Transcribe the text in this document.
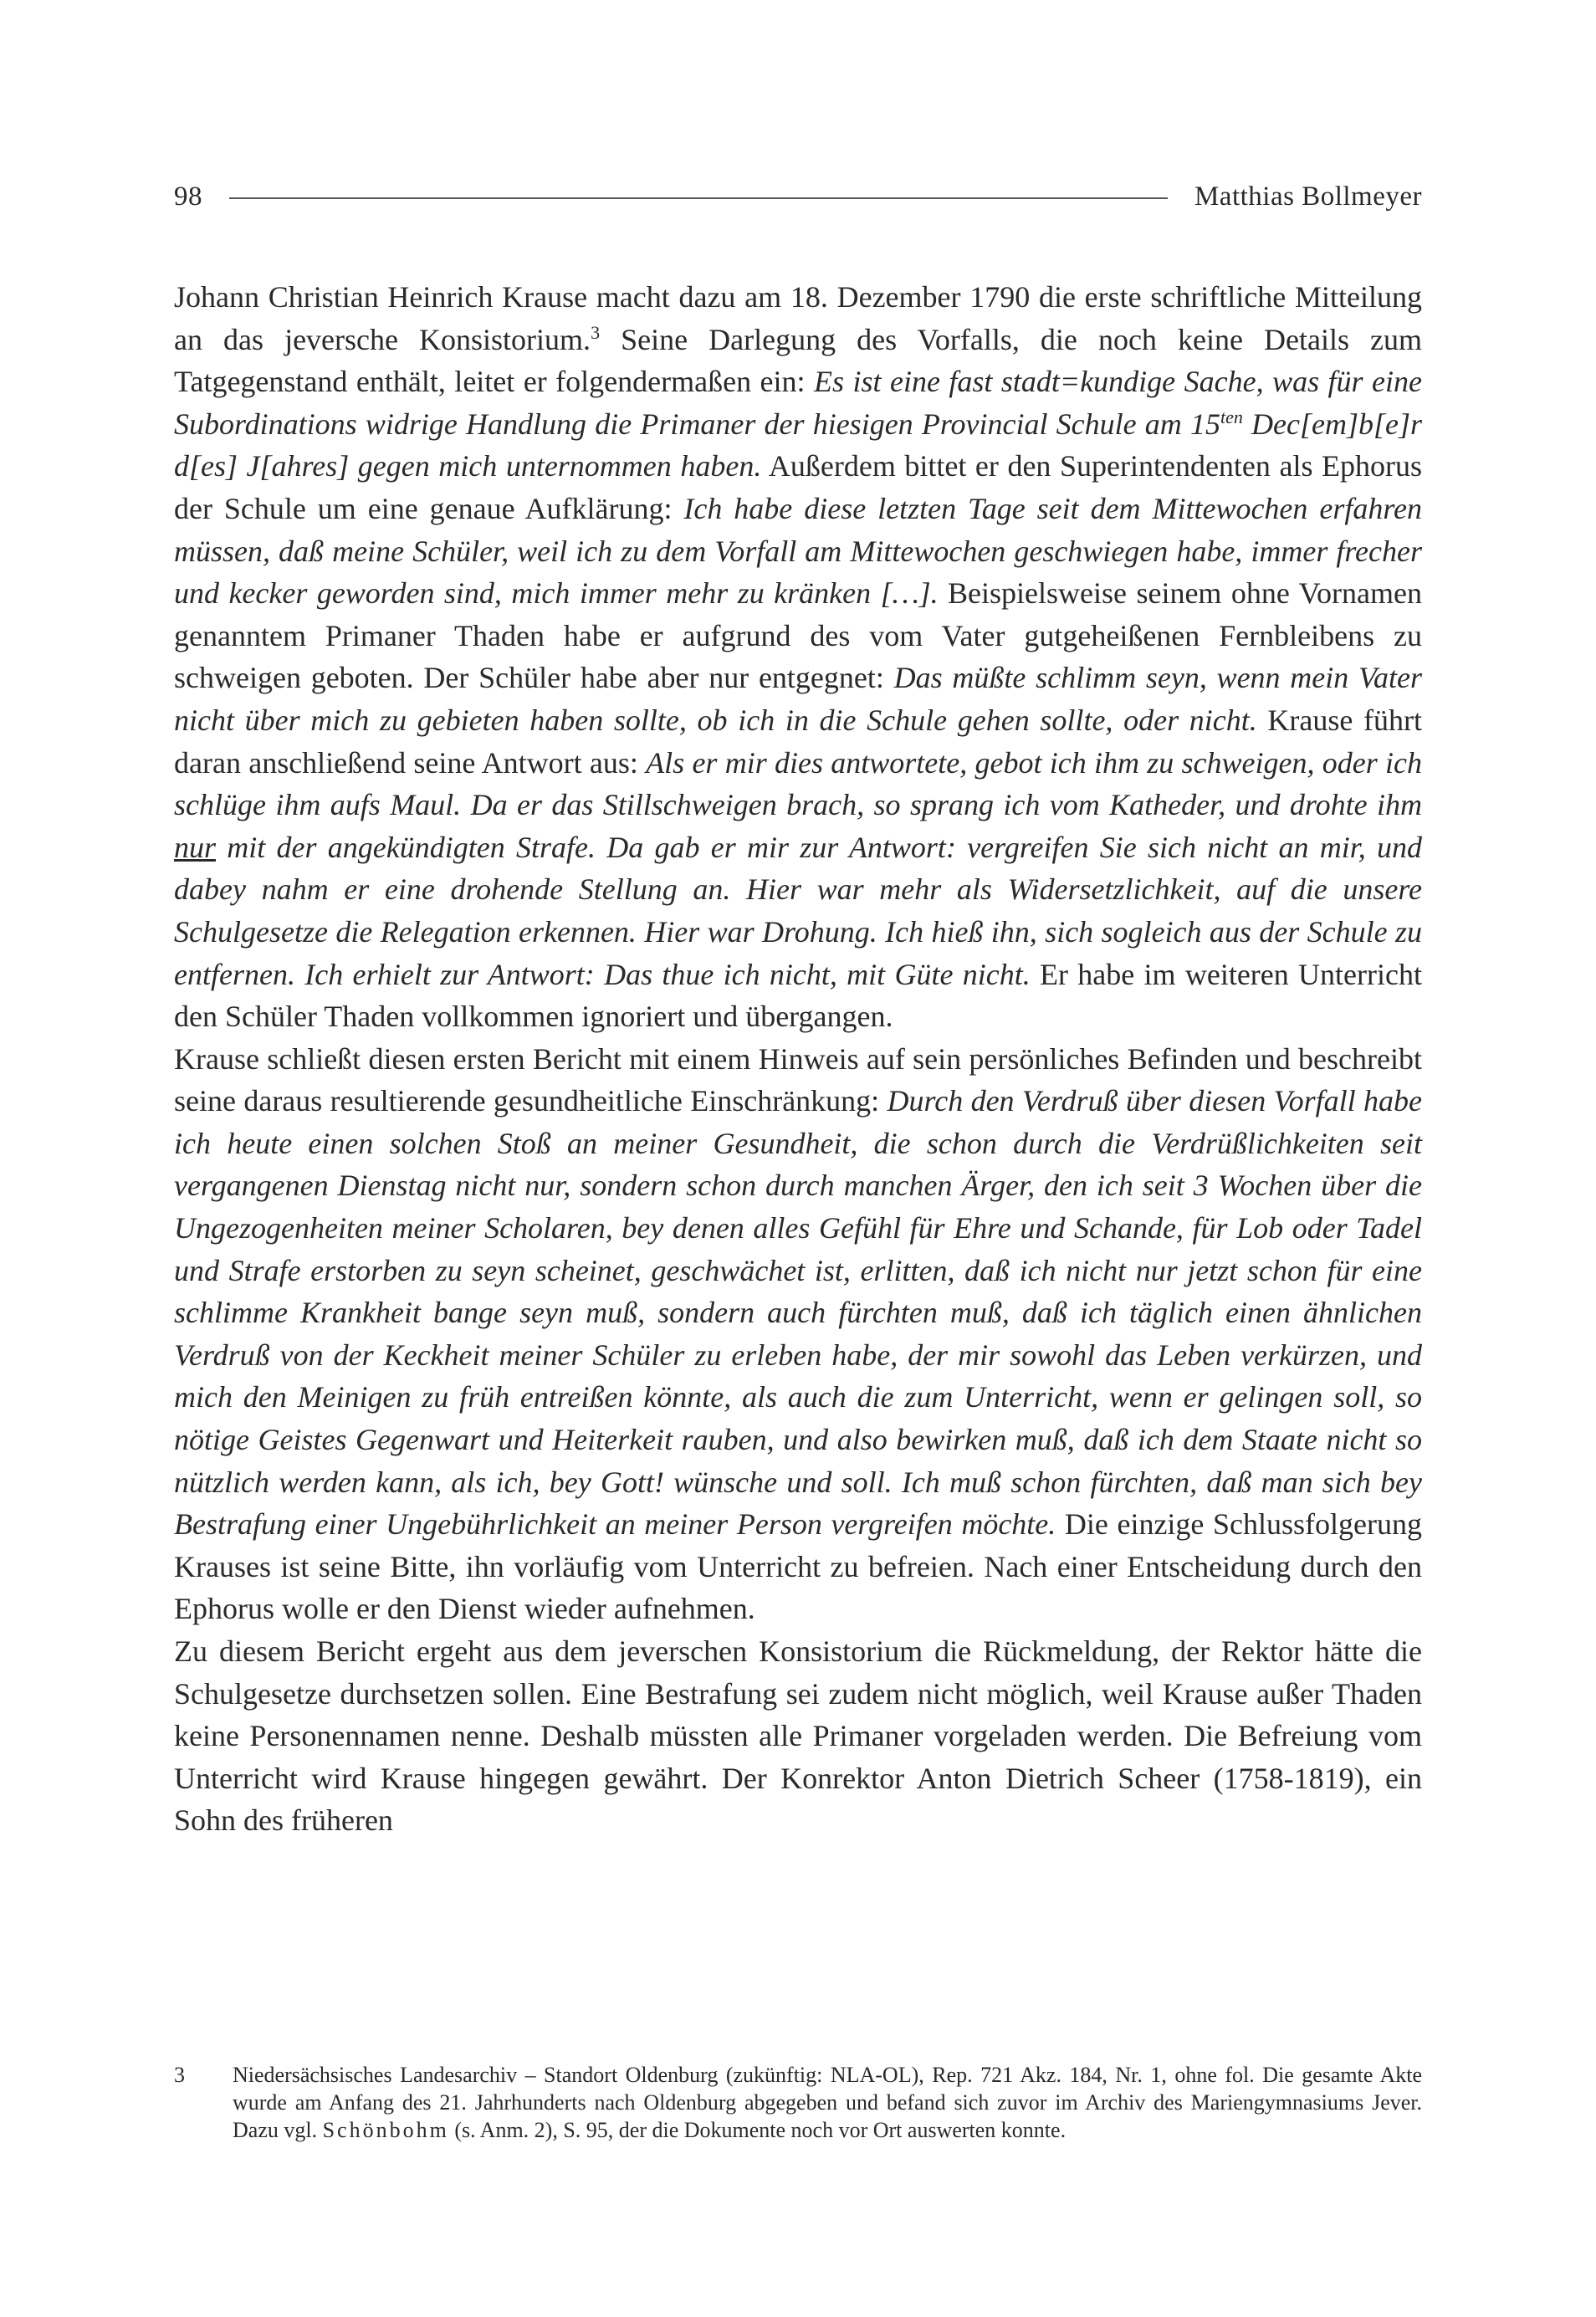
98	Matthias Bollmeyer

Johann Christian Heinrich Krause macht dazu am 18. Dezember 1790 die erste schriftliche Mitteilung an das jeversche Konsistorium.$^3$ Seine Darlegung des Vorfalls, die noch keine Details zum Tatgegenstand enthält, leitet er folgendermaßen ein: Es ist eine fast stadt=kundige Sache, was für eine Subordinations widrige Handlung die Primaner der hiesigen Provincial Schule am $15^{ten}$ Dec[em]b[e]r d[es] J[ahres] gegen mich unternommen haben. Außerdem bittet er den Superintendenten als Ephorus der Schule um eine genaue Aufklärung: Ich habe diese letzten Tage seit dem Mittewochen erfahren müssen, daß meine Schüler, weil ich zu dem Vorfall am Mittewochen geschwiegen habe, immer frecher und kecker geworden sind, mich immer mehr zu kränken […]. Beispielsweise seinem ohne Vornamen genanntem Primaner Thaden habe er aufgrund des vom Vater gutgeheißenen Fernbleibens zu schweigen geboten. Der Schüler habe aber nur entgegnet: Das müßte schlimm seyn, wenn mein Vater nicht über mich zu gebieten haben sollte, ob ich in die Schule gehen sollte, oder nicht. Krause führt daran anschließend seine Antwort aus: Als er mir dies antwortete, gebot ich ihm zu schweigen, oder ich schlüge ihm aufs Maul. Da er das Stillschweigen brach, so sprang ich vom Katheder, und drohte ihm nur mit der angekündigten Strafe. Da gab er mir zur Antwort: vergreifen Sie sich nicht an mir, und dabey nahm er eine drohende Stellung an. Hier war mehr als Widersetzlichkeit, auf die unsere Schulgesetze die Relegation erkennen. Hier war Drohung. Ich hieß ihn, sich sogleich aus der Schule zu entfernen. Ich erhielt zur Antwort: Das thue ich nicht, mit Güte nicht. Er habe im weiteren Unterricht den Schüler Thaden vollkommen ignoriert und übergangen.

Krause schließt diesen ersten Bericht mit einem Hinweis auf sein persönliches Befinden und beschreibt seine daraus resultierende gesundheitliche Einschränkung: Durch den Verdruß über diesen Vorfall habe ich heute einen solchen Stoß an meiner Gesundheit, die schon durch die Verdrüßlichkeiten seit vergangenen Dienstag nicht nur, sondern schon durch manchen Ärger, den ich seit 3 Wochen über die Ungezogenheiten meiner Scholaren, bey denen alles Gefühl für Ehre und Schande, für Lob oder Tadel und Strafe erstorben zu seyn scheinet, geschwächet ist, erlitten, daß ich nicht nur jetzt schon für eine schlimme Krankheit bange seyn muß, sondern auch fürchten muß, daß ich täglich einen ähnlichen Verdruß von der Keckheit meiner Schüler zu erleben habe, der mir sowohl das Leben verkürzen, und mich den Meinigen zu früh entreißen könnte, als auch die zum Unterricht, wenn er gelingen soll, so nötige Geistes Gegenwart und Heiterkeit rauben, und also bewirken muß, daß ich dem Staate nicht so nützlich werden kann, als ich, bey Gott! wünsche und soll. Ich muß schon fürchten, daß man sich bey Bestrafung einer Ungebührlichkeit an meiner Person vergreifen möchte. Die einzige Schlussfolgerung Krauses ist seine Bitte, ihn vorläufig vom Unterricht zu befreien. Nach einer Entscheidung durch den Ephorus wolle er den Dienst wieder aufnehmen.

Zu diesem Bericht ergeht aus dem jeverschen Konsistorium die Rückmeldung, der Rektor hätte die Schulgesetze durchsetzen sollen. Eine Bestrafung sei zudem nicht möglich, weil Krause außer Thaden keine Personennamen nenne. Deshalb müssten alle Primaner vorgeladen werden. Die Befreiung vom Unterricht wird Krause hingegen gewährt. Der Konrektor Anton Dietrich Scheer (1758-1819), ein Sohn des früheren

3	Niedersächsisches Landesarchiv – Standort Oldenburg (zukünftig: NLA-OL), Rep. 721 Akz. 184, Nr. 1, ohne fol. Die gesamte Akte wurde am Anfang des 21. Jahrhunderts nach Oldenburg abgegeben und befand sich zuvor im Archiv des Mariengymnasiums Jever. Dazu vgl. Schönbohm (s. Anm. 2), S. 95, der die Dokumente noch vor Ort auswerten konnte.
